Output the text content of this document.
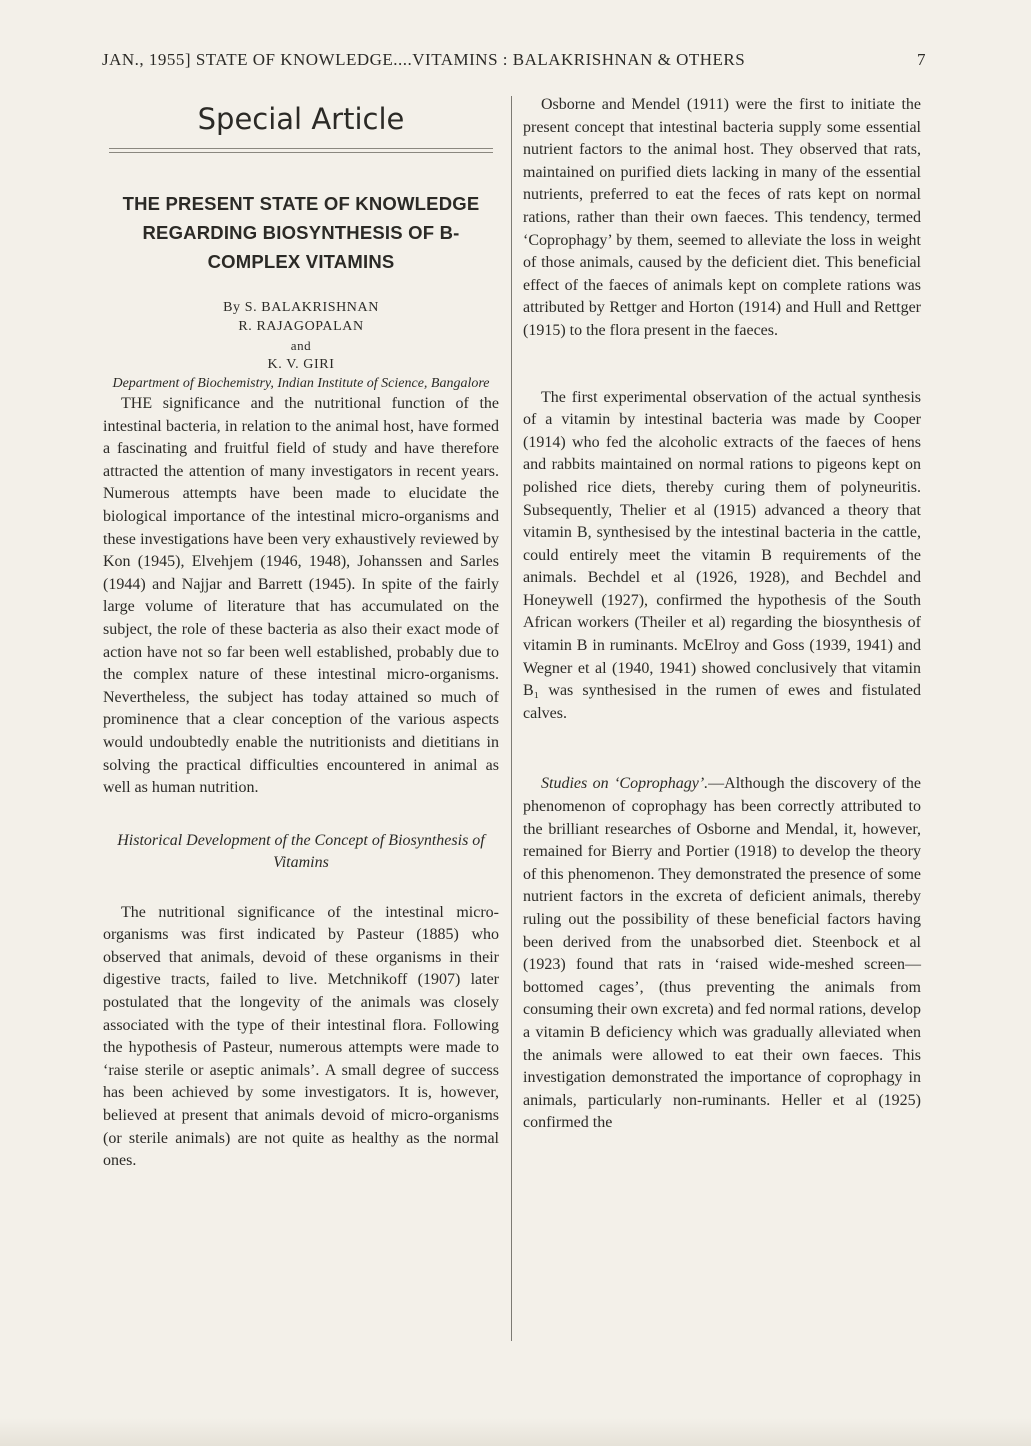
JAN., 1955] STATE OF KNOWLEDGE....VITAMINS : BALAKRISHNAN & OTHERS	7
Special Article
THE PRESENT STATE OF KNOWLEDGE REGARDING BIOSYNTHESIS OF B-COMPLEX VITAMINS
By S. BALAKRISHNAN
R. RAJAGOPALAN
and
K. V. GIRI
Department of Biochemistry, Indian Institute of Science, Bangalore

THE significance and the nutritional function of the intestinal bacteria, in relation to the animal host, have formed a fascinating and fruitful field of study and have therefore attracted the attention of many investigators in recent years. Numerous attempts have been made to elucidate the biological importance of the intestinal micro-organisms and these investigations have been very exhaustively reviewed by Kon (1945), Elvehjem (1946, 1948), Johanssen and Sarles (1944) and Najjar and Barrett (1945). In spite of the fairly large volume of literature that has accumulated on the subject, the role of these bacteria as also their exact mode of action have not so far been well established, probably due to the complex nature of these intestinal micro-organisms. Nevertheless, the subject has today attained so much of prominence that a clear conception of the various aspects would undoubtedly enable the nutritionists and dietitians in solving the practical difficulties encountered in animal as well as human nutrition.

Historical Development of the Concept of Biosynthesis of Vitamins

The nutritional significance of the intestinal micro-organisms was first indicated by Pasteur (1885) who observed that animals, devoid of these organisms in their digestive tracts, failed to live. Metchnikoff (1907) later postulated that the longevity of the animals was closely associated with the type of their intestinal flora. Following the hypothesis of Pasteur, numerous attempts were made to ‘raise sterile or aseptic animals’. A small degree of success has been achieved by some investigators. It is, however, believed at present that animals devoid of micro-organisms (or sterile animals) are not quite as healthy as the normal ones.

Osborne and Mendel (1911) were the first to initiate the present concept that intestinal bacteria supply some essential nutrient factors to the animal host. They observed that rats, maintained on purified diets lacking in many of the essential nutrients, preferred to eat the feces of rats kept on normal rations, rather than their own faeces. This tendency, termed ‘Coprophagy’ by them, seemed to alleviate the loss in weight of those animals, caused by the deficient diet. This beneficial effect of the faeces of animals kept on complete rations was attributed by Rettger and Horton (1914) and Hull and Rettger (1915) to the flora present in the faeces.

The first experimental observation of the actual synthesis of a vitamin by intestinal bacteria was made by Cooper (1914) who fed the alcoholic extracts of the faeces of hens and rabbits maintained on normal rations to pigeons kept on polished rice diets, thereby curing them of polyneuritis. Subsequently, Thelier et al (1915) advanced a theory that vitamin B, synthesised by the intestinal bacteria in the cattle, could entirely meet the vitamin B requirements of the animals. Bechdel et al (1926, 1928), and Bechdel and Honeywell (1927), confirmed the hypothesis of the South African workers (Theiler et al) regarding the biosynthesis of vitamin B in ruminants. McElroy and Goss (1939, 1941) and Wegner et al (1940, 1941) showed conclusively that vitamin B₁ was synthesised in the rumen of ewes and fistulated calves.

Studies on ‘Coprophagy’.—Although the discovery of the phenomenon of coprophagy has been correctly attributed to the brilliant researches of Osborne and Mendal, it, however, remained for Bierry and Portier (1918) to develop the theory of this phenomenon. They demonstrated the presence of some nutrient factors in the excreta of deficient animals, thereby ruling out the possibility of these beneficial factors having been derived from the unabsorbed diet. Steenbock et al (1923) found that rats in ‘raised wide-meshed screen—bottomed cages’, (thus preventing the animals from consuming their own excreta) and fed normal rations, develop a vitamin B deficiency which was gradually alleviated when the animals were allowed to eat their own faeces. This investigation demonstrated the importance of coprophagy in animals, particularly non-ruminants. Heller et al (1925) confirmed the
